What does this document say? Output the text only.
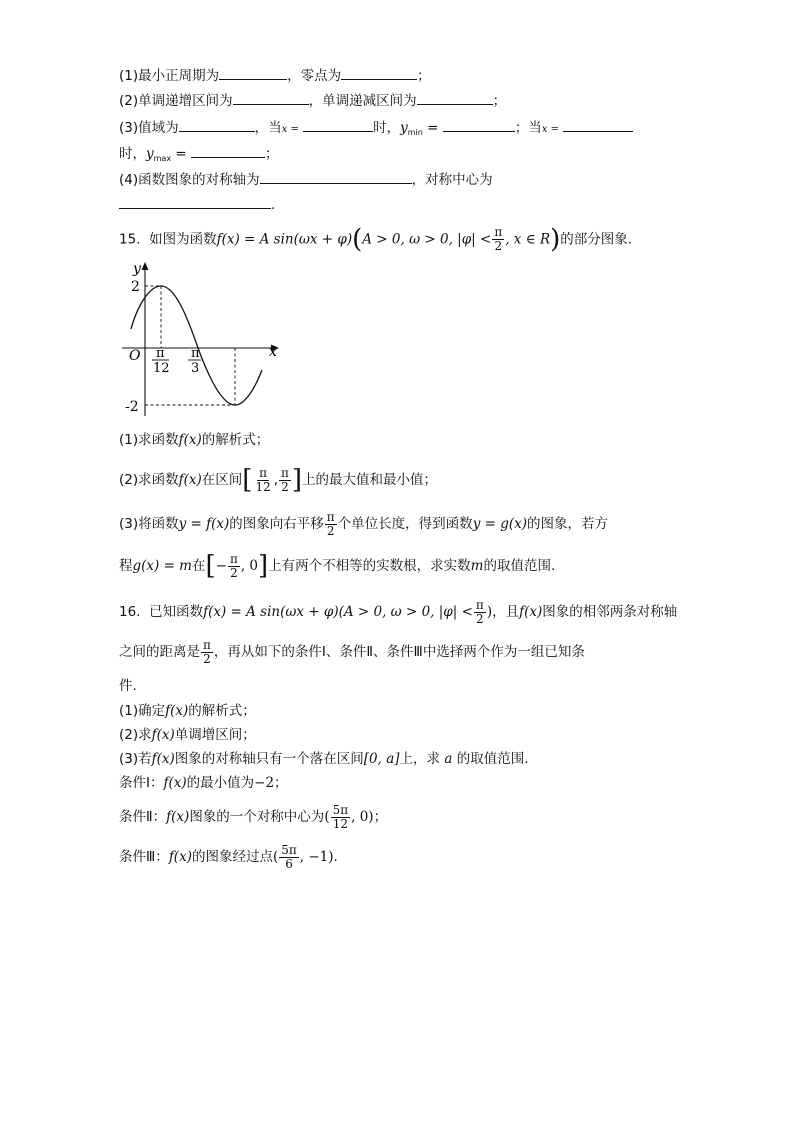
(1)最小正周期为	，零点为	；
(2)单调递增区间为	，单调递减区间为	；
(3)值域为	，当x =	时，$y_{min}$ =	；当x =
时，$y_{max}$ =	；
(4)函数图象的对称轴为	，对称中心为
.
15. 如图为函数f(x) = A sin(ωx + φ)(A > 0, ω > 0, $|\varphi| < \frac{\pi}{2}$ , x ∈ R)的部分图象.
y
x
O
2
-2
π
12
π
3
(1)求函数f(x)的解析式；
(2)求函数f(x)在区间[ $\frac{\pi}{12}$ , $\frac{\pi}{2}$ ]上的最大值和最小值；
(3)将函数y = f(x)的图象向右平移 $\frac{\pi}{2}$ 个单位长度，得到函数y = g(x)的图象，若方
程g(x) = m在[− $\frac{\pi}{2}$ , 0]上有两个不相等的实数根，求实数m的取值范围.
16. 已知函数f(x) = A sin(ωx + φ)(A > 0, ω > 0, $|\varphi| < \frac{\pi}{2}$ )，且f(x)图象的相邻两条对称轴
之间的距离是 $\frac{\pi}{2}$ ，再从如下的条件Ⅰ、条件Ⅱ、条件Ⅲ中选择两个作为一组已知条
件.
(1)确定f(x)的解析式；
(2)求f(x)单调增区间；
(3)若f(x)图象的对称轴只有一个落在区间[0, a]上，求 a 的取值范围.
条件Ⅰ：f(x)的最小值为−2；
条件Ⅱ：f(x)图象的一个对称中心为( $\frac{5\pi}{12}$ , 0)；
条件Ⅲ：f(x)的图象经过点( $\frac{5\pi}{6}$ , −1).
